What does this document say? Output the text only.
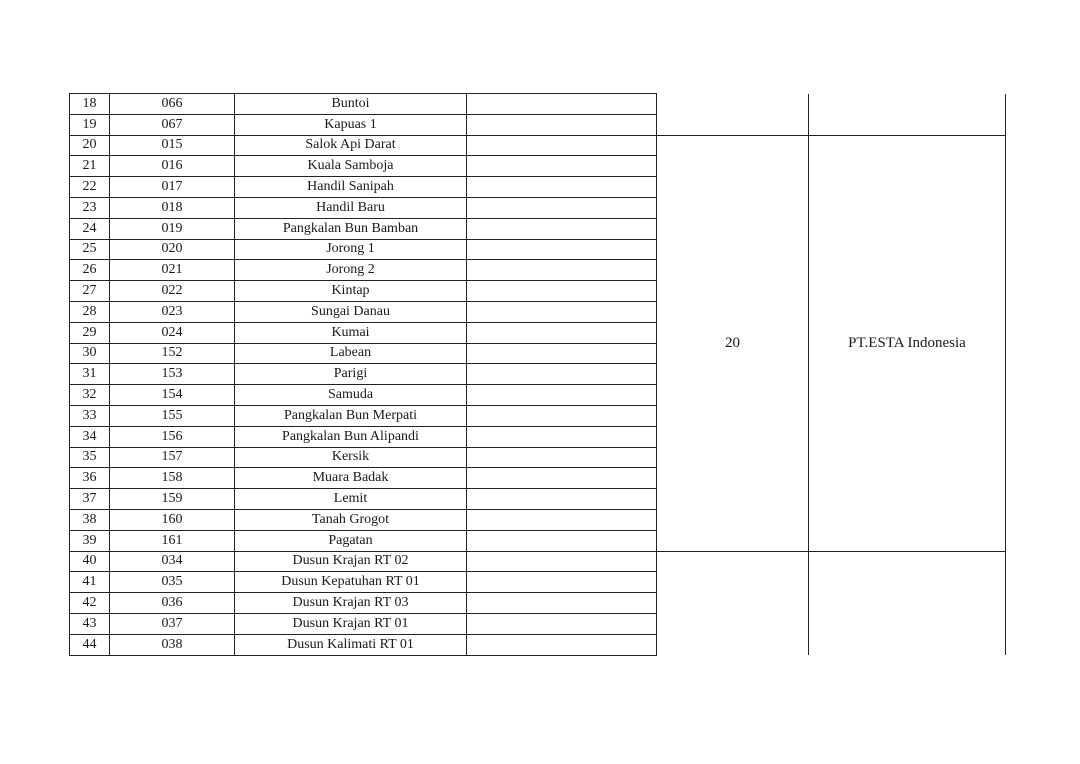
18	066	Buntoi			
19	067	Kapuas 1			
20	015	Salok Api Darat		20	PT.ESTA Indonesia
21	016	Kuala Samboja			
22	017	Handil Sanipah			
23	018	Handil Baru			
24	019	Pangkalan Bun Bamban			
25	020	Jorong 1			
26	021	Jorong 2			
27	022	Kintap			
28	023	Sungai Danau			
29	024	Kumai			
30	152	Labean			
31	153	Parigi			
32	154	Samuda			
33	155	Pangkalan Bun Merpati			
34	156	Pangkalan Bun Alipandi			
35	157	Kersik			
36	158	Muara Badak			
37	159	Lemit			
38	160	Tanah Grogot			
39	161	Pagatan			
40	034	Dusun Krajan RT 02			
41	035	Dusun Kepatuhan RT 01			
42	036	Dusun Krajan RT 03			
43	037	Dusun Krajan RT 01			
44	038	Dusun Kalimati RT 01			
